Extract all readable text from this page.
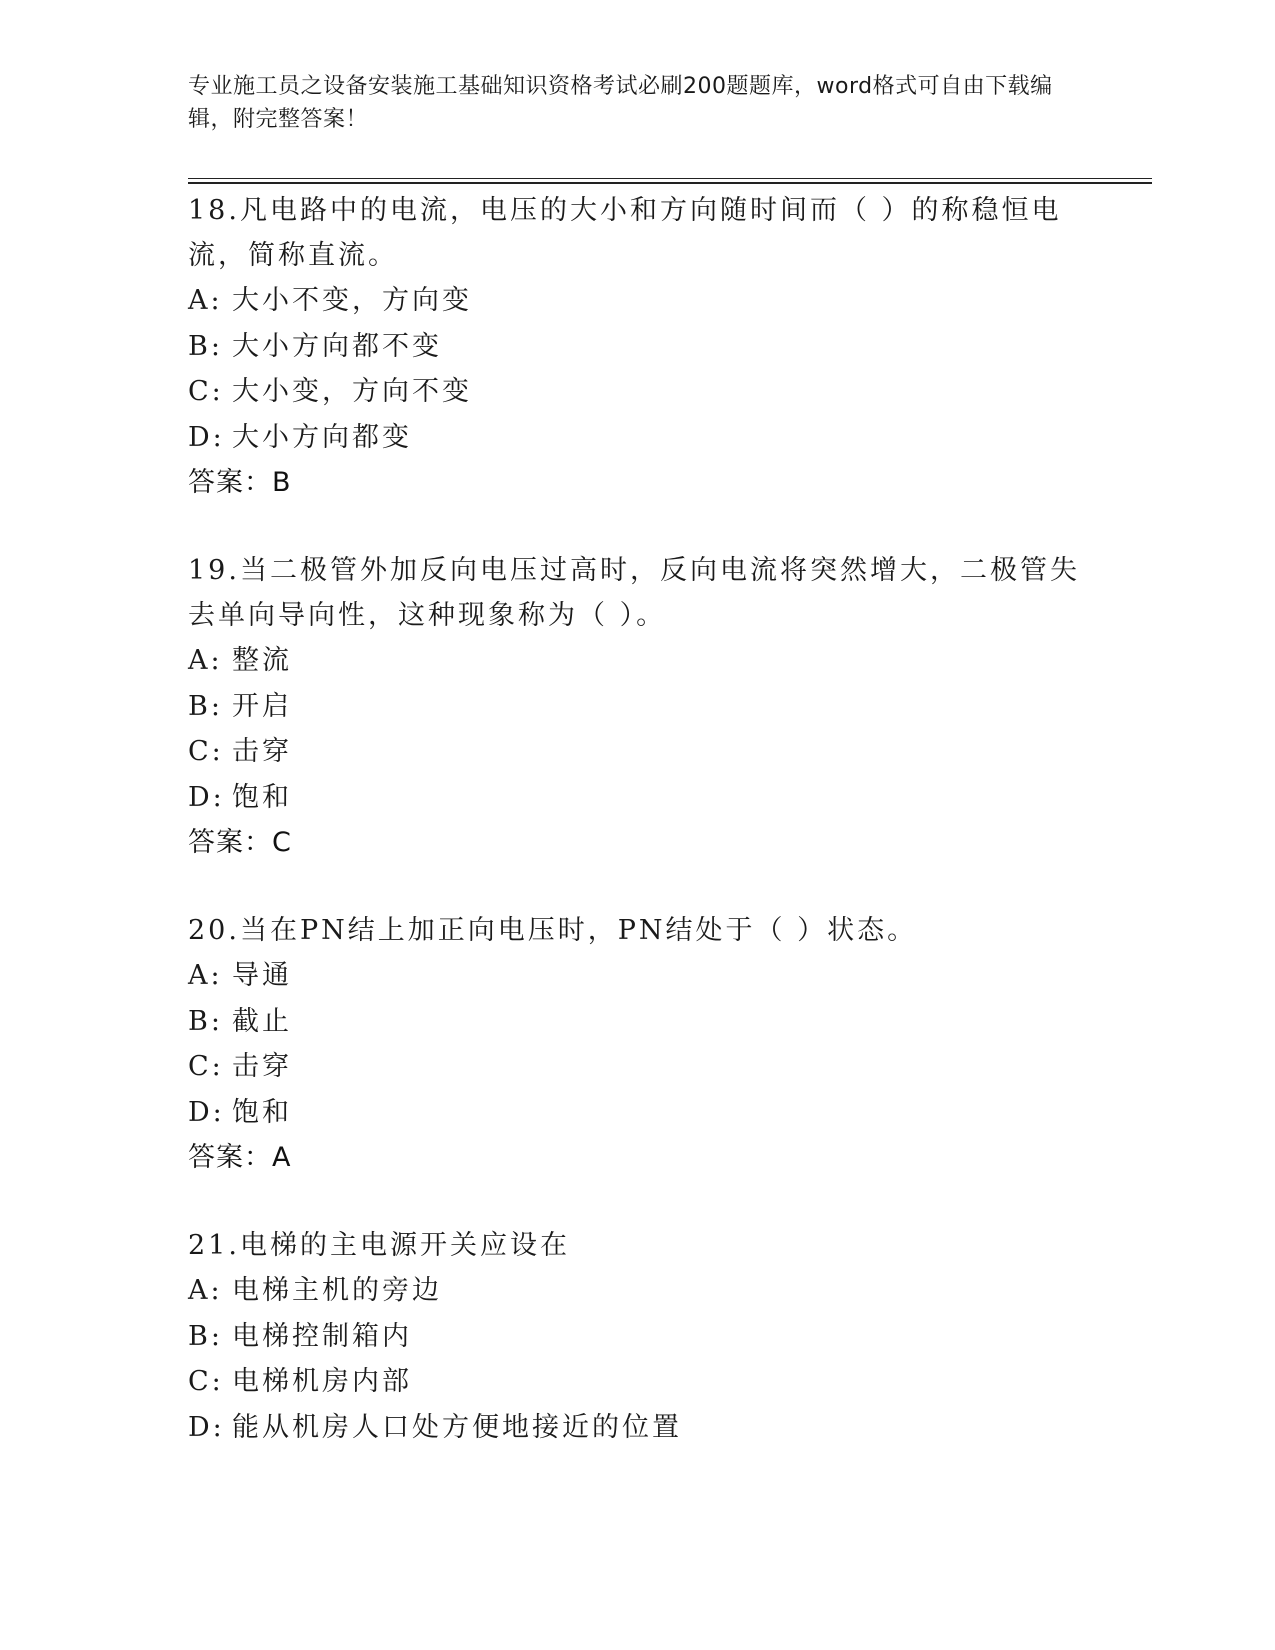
专业施工员之设备安装施工基础知识资格考试必刷200题题库，word格式可自由下载编辑，附完整答案！
18.凡电路中的电流，电压的大小和方向随时间而（ ）的称稳恒电流，简称直流。
A: 大小不变，方向变
B: 大小方向都不变
C: 大小变，方向不变
D: 大小方向都变
答案：B
19.当二极管外加反向电压过高时，反向电流将突然增大，二极管失去单向导向性，这种现象称为（ ）。
A: 整流
B: 开启
C: 击穿
D: 饱和
答案：C
20.当在PN结上加正向电压时，PN结处于（ ）状态。
A: 导通
B: 截止
C: 击穿
D: 饱和
答案：A
21.电梯的主电源开关应设在
A: 电梯主机的旁边
B: 电梯控制箱内
C: 电梯机房内部
D: 能从机房人口处方便地接近的位置
